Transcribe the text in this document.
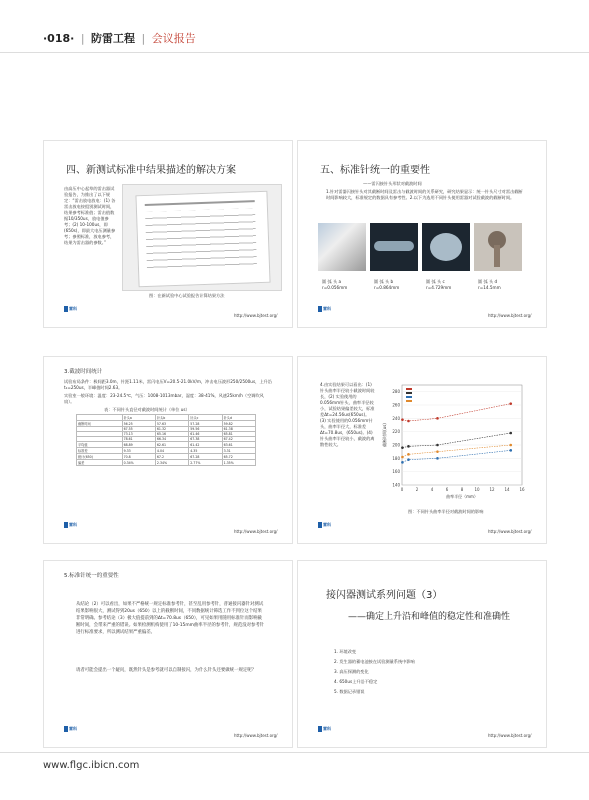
·018· | 防雷工程 | 会议报告
四、新测试标准中结果描述的解决方案
由高压中心起草的雷击器试验报告，为推出了以下规定：“雷击放电放电：(1) 各雷击放电按组别测试时间，结果参考标准值；雷击值数据10/350us，放电值参考；(2) 10-100us，即(650s)，即最大电压测量参考；参照标准，放电参考，结果为雷击器的参数。”
图：在新试验中心试验报告计算结果方法
雷科
http://www.bjtest.org/
五、标准针统一的重要性
——雷闪接针头形状对截波时间
1.针对雷器闪接针头对其截断时间及雷击与截波时间的关系研究，研究结果显示：统一针头尺寸对雷击截断时间影响较大，标准规定的数据具有参考性。2.以下为选用不同针头使用雷器对试验截波的截断时间。
圆 弧 头 a
r=0.056mm
圆 弧 头 b
r=0.864mm
圆 弧 头 c
r=4.729mm
圆 弧 头 d
r=14.5mm
雷科
http://www.bjtest.org/
3.截波时间统计
试验布局条件：极间距3.0m，针距1.11米，雷闪电压V=20.5-21.0kV/m，冲击电压波形250/2500us，上升沿t₁=250us，半峰值时间2.63。
实验室一般环境：温度：23-24.5℃，气压：1008-1013mbar，湿度：38-41%，风速25km/h（空调吹风扇）。
表：不同针头直径对截波时间统计（单位 us）
	针头a	针头b	针头c	针头d
截断时间	56.25	57.63	57.28	59.82
	67.55	61.32	59.56	61.38
	73.13	65.16	61.46	65.81
	78.61	66.34	67.38	67.42
平均值	68.89	62.61	61.42	63.61
标准差	9.33	4.04	4.35	3.31
统计(650)	70.8	67.2	67.28	65.72
偏差	0.34%	2.34%	2.77%	1.35%
雷科
http://www.bjtest.org/
4.由实验结果可以看出：(1) 针头曲率半径较小截波时间较长，(2) 实验使用的0.056mm针头，曲率半径较小，试验结果偏差较大，标准差Δt=24.56us(650us)。(3) 实验使用的0.056mm针头，曲率半径大，标准差Δt=70.8us，(650us)。(4) 针头曲率半径较小，截波的离散性较大。
140
160
180
200
220
240
260
280
0	2	4	6	8	10 12 14 16
曲率半径（mm）
截断时间(us)
图：不同针头曲率半径对截波时间的影响
雷科
http://www.bjtest.org/
5.标准针统一的重要性
从结论（2）可以看出，如果不严格统一规定标准参考针，甚至乱用参考针，普通接闪器针对测试结果影响很大，测试得到20us（650）以上的截断时间，不同数据统计筛选工作不到位这个结果非常明确。参考结论（3）极大值提前到的Δt=70.8us（650），可见如果用随用标准针而影响截断时间，会带来严重的错误。如果检测机构使用了10-15mm曲率半径的参考针，规范没对参考针进行标准要求，所以测试结果严重偏差。
请者可能会提出一个疑问，既然针头是参考就可以自制接闪，为什么针头还要做统一规定呢？
雷科
http://www.bjtest.org/
接闪器测试系列问题（3）
——确定上升沿和峰值的稳定性和准确性
1. 环境改变
2. 发生器的蓄电池接在试验测量系统中影响
3. 高压探测的变化
4. 650us上升沿不稳定
5. 数据记录错误
雷科
http://www.bjtest.org/
www.flgc.ibicn.com
